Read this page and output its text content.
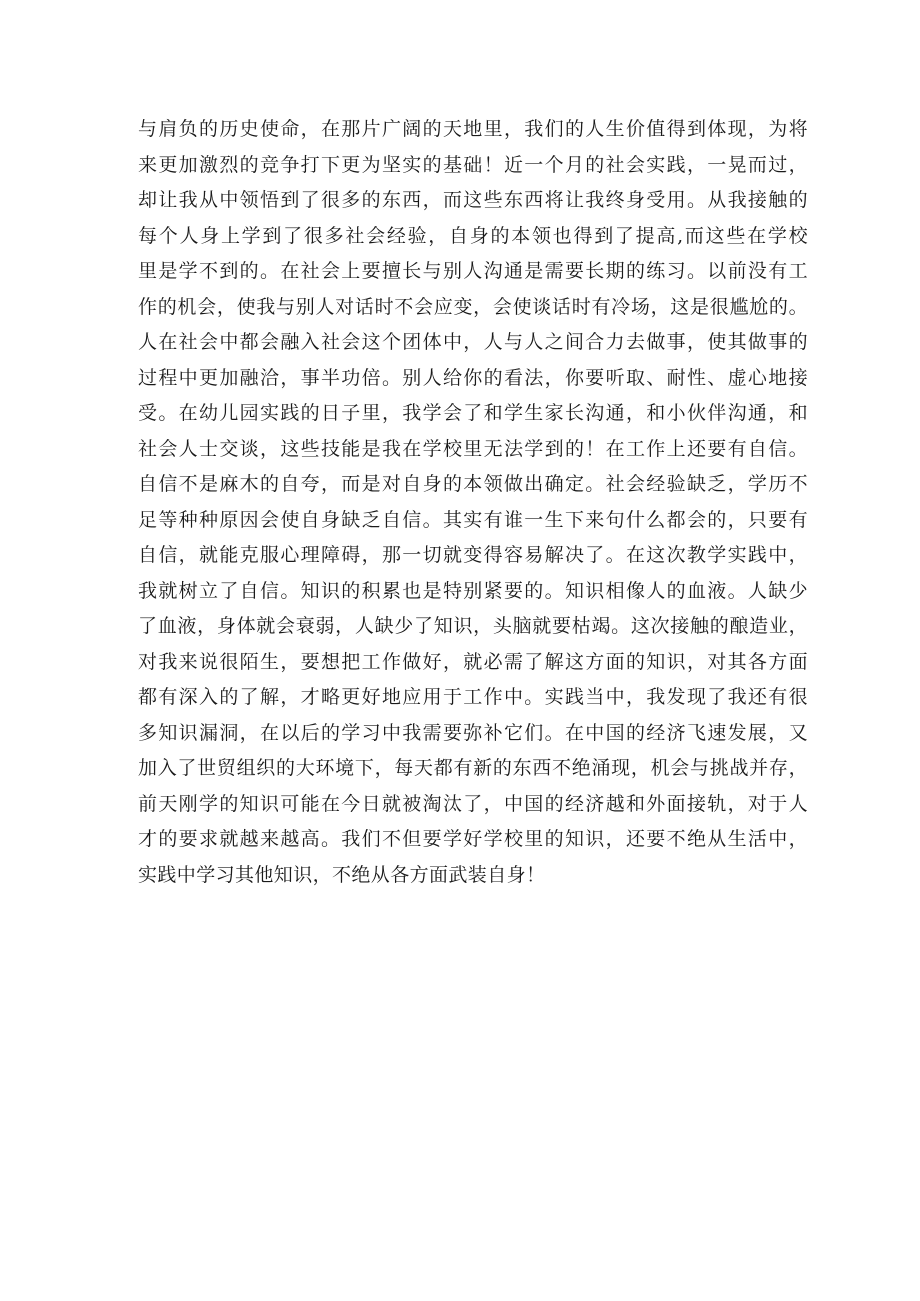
与肩负的历史使命，在那片广阔的天地里，我们的人生价值得到体现，为将
来更加激烈的竞争打下更为坚实的基础！近一个月的社会实践，一晃而过，
却让我从中领悟到了很多的东西，而这些东西将让我终身受用。从我接触的
每个人身上学到了很多社会经验，自身的本领也得到了提高,而这些在学校
里是学不到的。在社会上要擅长与别人沟通是需要长期的练习。以前没有工
作的机会，使我与别人对话时不会应变，会使谈话时有冷场，这是很尴尬的。
人在社会中都会融入社会这个团体中，人与人之间合力去做事，使其做事的
过程中更加融洽，事半功倍。别人给你的看法，你要听取、耐性、虚心地接
受。在幼儿园实践的日子里，我学会了和学生家长沟通，和小伙伴沟通，和
社会人士交谈，这些技能是我在学校里无法学到的！在工作上还要有自信。
自信不是麻木的自夸，而是对自身的本领做出确定。社会经验缺乏，学历不
足等种种原因会使自身缺乏自信。其实有谁一生下来句什么都会的，只要有
自信，就能克服心理障碍，那一切就变得容易解决了。在这次教学实践中，
我就树立了自信。知识的积累也是特别紧要的。知识相像人的血液。人缺少
了血液，身体就会衰弱，人缺少了知识，头脑就要枯竭。这次接触的酿造业，
对我来说很陌生，要想把工作做好，就必需了解这方面的知识，对其各方面
都有深入的了解，才略更好地应用于工作中。实践当中，我发现了我还有很
多知识漏洞，在以后的学习中我需要弥补它们。在中国的经济飞速发展，又
加入了世贸组织的大环境下，每天都有新的东西不绝涌现，机会与挑战并存，
前天刚学的知识可能在今日就被淘汰了，中国的经济越和外面接轨，对于人
才的要求就越来越高。我们不但要学好学校里的知识，还要不绝从生活中，
实践中学习其他知识，不绝从各方面武装自身！
